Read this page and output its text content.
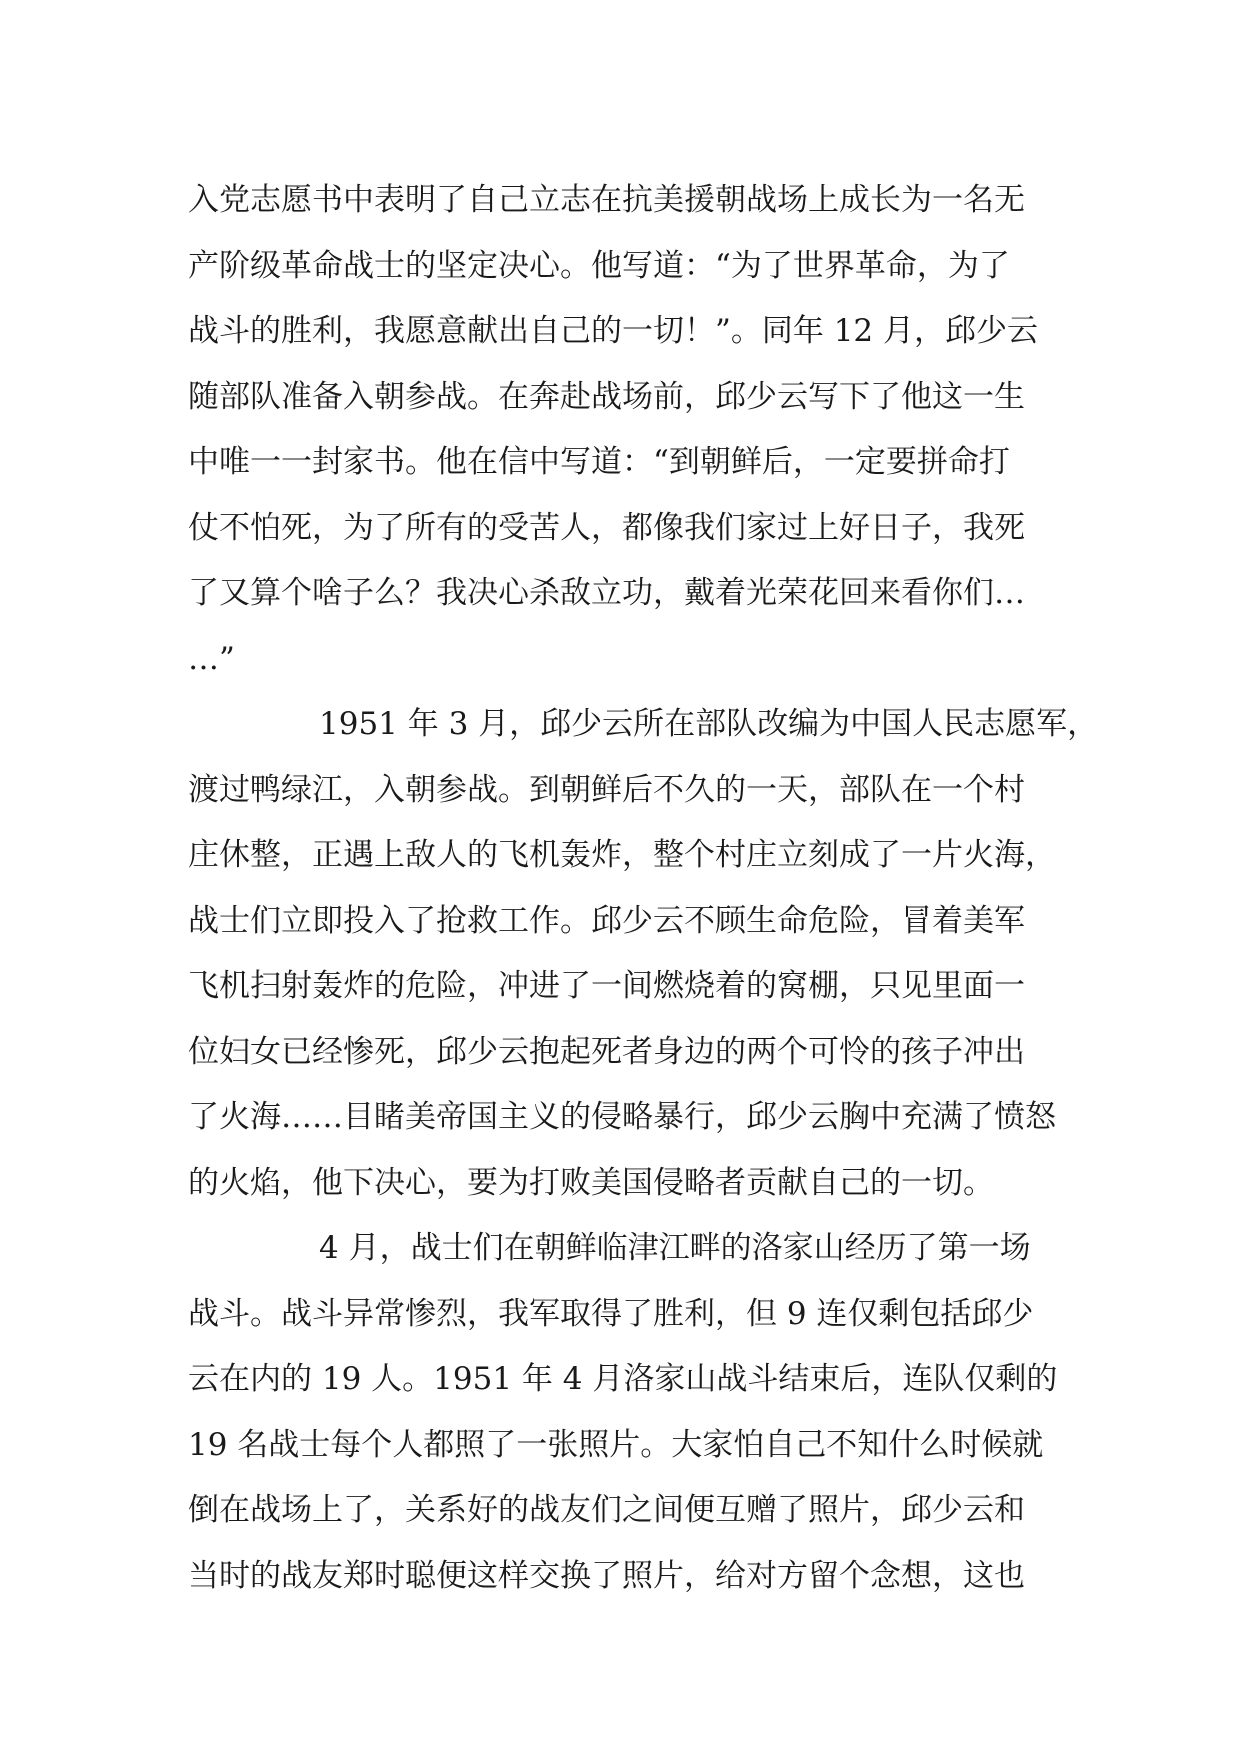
入党志愿书中表明了自己立志在抗美援朝战场上成长为一名无
产阶级革命战士的坚定决心。他写道：“为了世界革命，为了
战斗的胜利，我愿意献出自己的一切！”。同年 12 月，邱少云
随部队准备入朝参战。在奔赴战场前，邱少云写下了他这一生
中唯一一封家书。他在信中写道：“到朝鲜后，一定要拼命打
仗不怕死，为了所有的受苦人，都像我们家过上好日子，我死
了又算个啥子么？我决心杀敌立功，戴着光荣花回来看你们…
…”
1951 年 3 月，邱少云所在部队改编为中国人民志愿军，
渡过鸭绿江，入朝参战。到朝鲜后不久的一天，部队在一个村
庄休整，正遇上敌人的飞机轰炸，整个村庄立刻成了一片火海，
战士们立即投入了抢救工作。邱少云不顾生命危险，冒着美军
飞机扫射轰炸的危险，冲进了一间燃烧着的窝棚，只见里面一
位妇女已经惨死，邱少云抱起死者身边的两个可怜的孩子冲出
了火海……目睹美帝国主义的侵略暴行，邱少云胸中充满了愤怒
的火焰，他下决心，要为打败美国侵略者贡献自己的一切。
4 月，战士们在朝鲜临津江畔的洛家山经历了第一场
战斗。战斗异常惨烈，我军取得了胜利，但 9 连仅剩包括邱少
云在内的 19 人。1951 年 4 月洛家山战斗结束后，连队仅剩的
19 名战士每个人都照了一张照片。大家怕自己不知什么时候就
倒在战场上了，关系好的战友们之间便互赠了照片，邱少云和
当时的战友郑时聪便这样交换了照片，给对方留个念想，这也
